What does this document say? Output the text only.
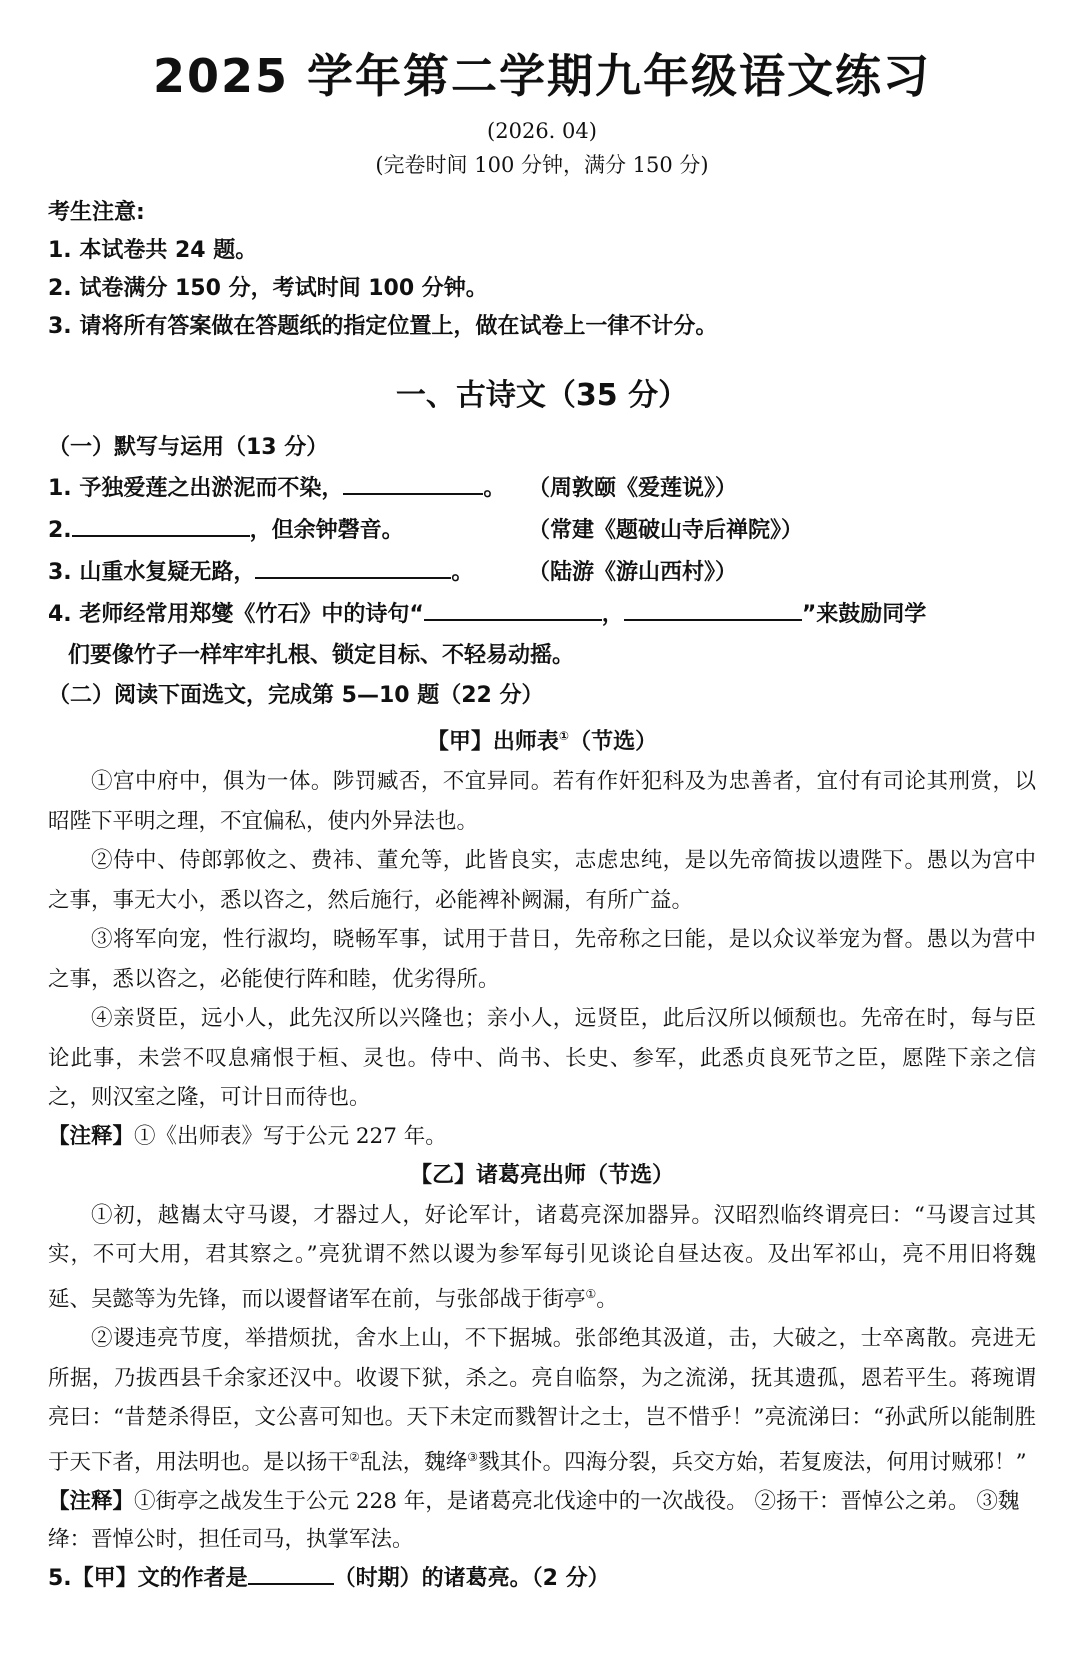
2025 学年第二学期九年级语文练习
(2026. 04)
(完卷时间 100 分钟，满分 150 分)
考生注意:
1. 本试卷共 24 题。
2. 试卷满分 150 分，考试时间 100 分钟。
3. 请将所有答案做在答题纸的指定位置上，做在试卷上一律不计分。
一、古诗文（35 分）
（一）默写与运用（13 分）
1. 予独爱莲之出淤泥而不染，	。 （周敦颐《爱莲说》）
2.	，但余钟磬音。	（常建《题破山寺后禅院》）
3. 山重水复疑无路，	。 （陆游《游山西村》）
4. 老师经常用郑燮《竹石》中的诗句“	，	”来鼓励同学
们要像竹子一样牢牢扎根、锁定目标、不轻易动摇。
（二）阅读下面选文，完成第 5—10 题（22 分）
【甲】出师表①（节选）
①宫中府中，俱为一体。陟罚臧否，不宜异同。若有作奸犯科及为忠善者，宜付有司论其刑赏，以昭陛下平明之理，不宜偏私，使内外异法也。
②侍中、侍郎郭攸之、费祎、董允等，此皆良实，志虑忠纯，是以先帝简拔以遗陛下。愚以为宫中之事，事无大小，悉以咨之，然后施行，必能裨补阙漏，有所广益。
③将军向宠，性行淑均，晓畅军事，试用于昔日，先帝称之曰能，是以众议举宠为督。愚以为营中之事，悉以咨之，必能使行阵和睦，优劣得所。
④亲贤臣，远小人，此先汉所以兴隆也；亲小人，远贤臣，此后汉所以倾颓也。先帝在时，每与臣论此事，未尝不叹息痛恨于桓、灵也。侍中、尚书、长史、参军，此悉贞良死节之臣，愿陛下亲之信之，则汉室之隆，可计日而待也。
【注释】①《出师表》写于公元 227 年。
【乙】诸葛亮出师（节选）
①初，越巂太守马谡，才器过人，好论军计，诸葛亮深加器异。汉昭烈临终谓亮曰：“马谡言过其实，不可大用，君其察之。”亮犹谓不然以谡为参军每引见谈论自昼达夜。及出军祁山，亮不用旧将魏延、吴懿等为先锋，而以谡督诸军在前，与张郃战于街亭①。
②谡违亮节度，举措烦扰，舍水上山，不下据城。张郃绝其汲道，击，大破之，士卒离散。亮进无所据，乃拔西县千余家还汉中。收谡下狱，杀之。亮自临祭，为之流涕，抚其遗孤，恩若平生。蒋琬谓亮曰：“昔楚杀得臣，文公喜可知也。天下未定而戮智计之士，岂不惜乎！”亮流涕曰：“孙武所以能制胜于天下者，用法明也。是以扬干②乱法，魏绛③戮其仆。四海分裂，兵交方始，若复废法，何用讨贼邪！”
【注释】①街亭之战发生于公元 228 年，是诸葛亮北伐途中的一次战役。 ②扬干：晋悼公之弟。 ③魏绛：晋悼公时，担任司马，执掌军法。
5.【甲】文的作者是	（时期）的诸葛亮。（2 分）
